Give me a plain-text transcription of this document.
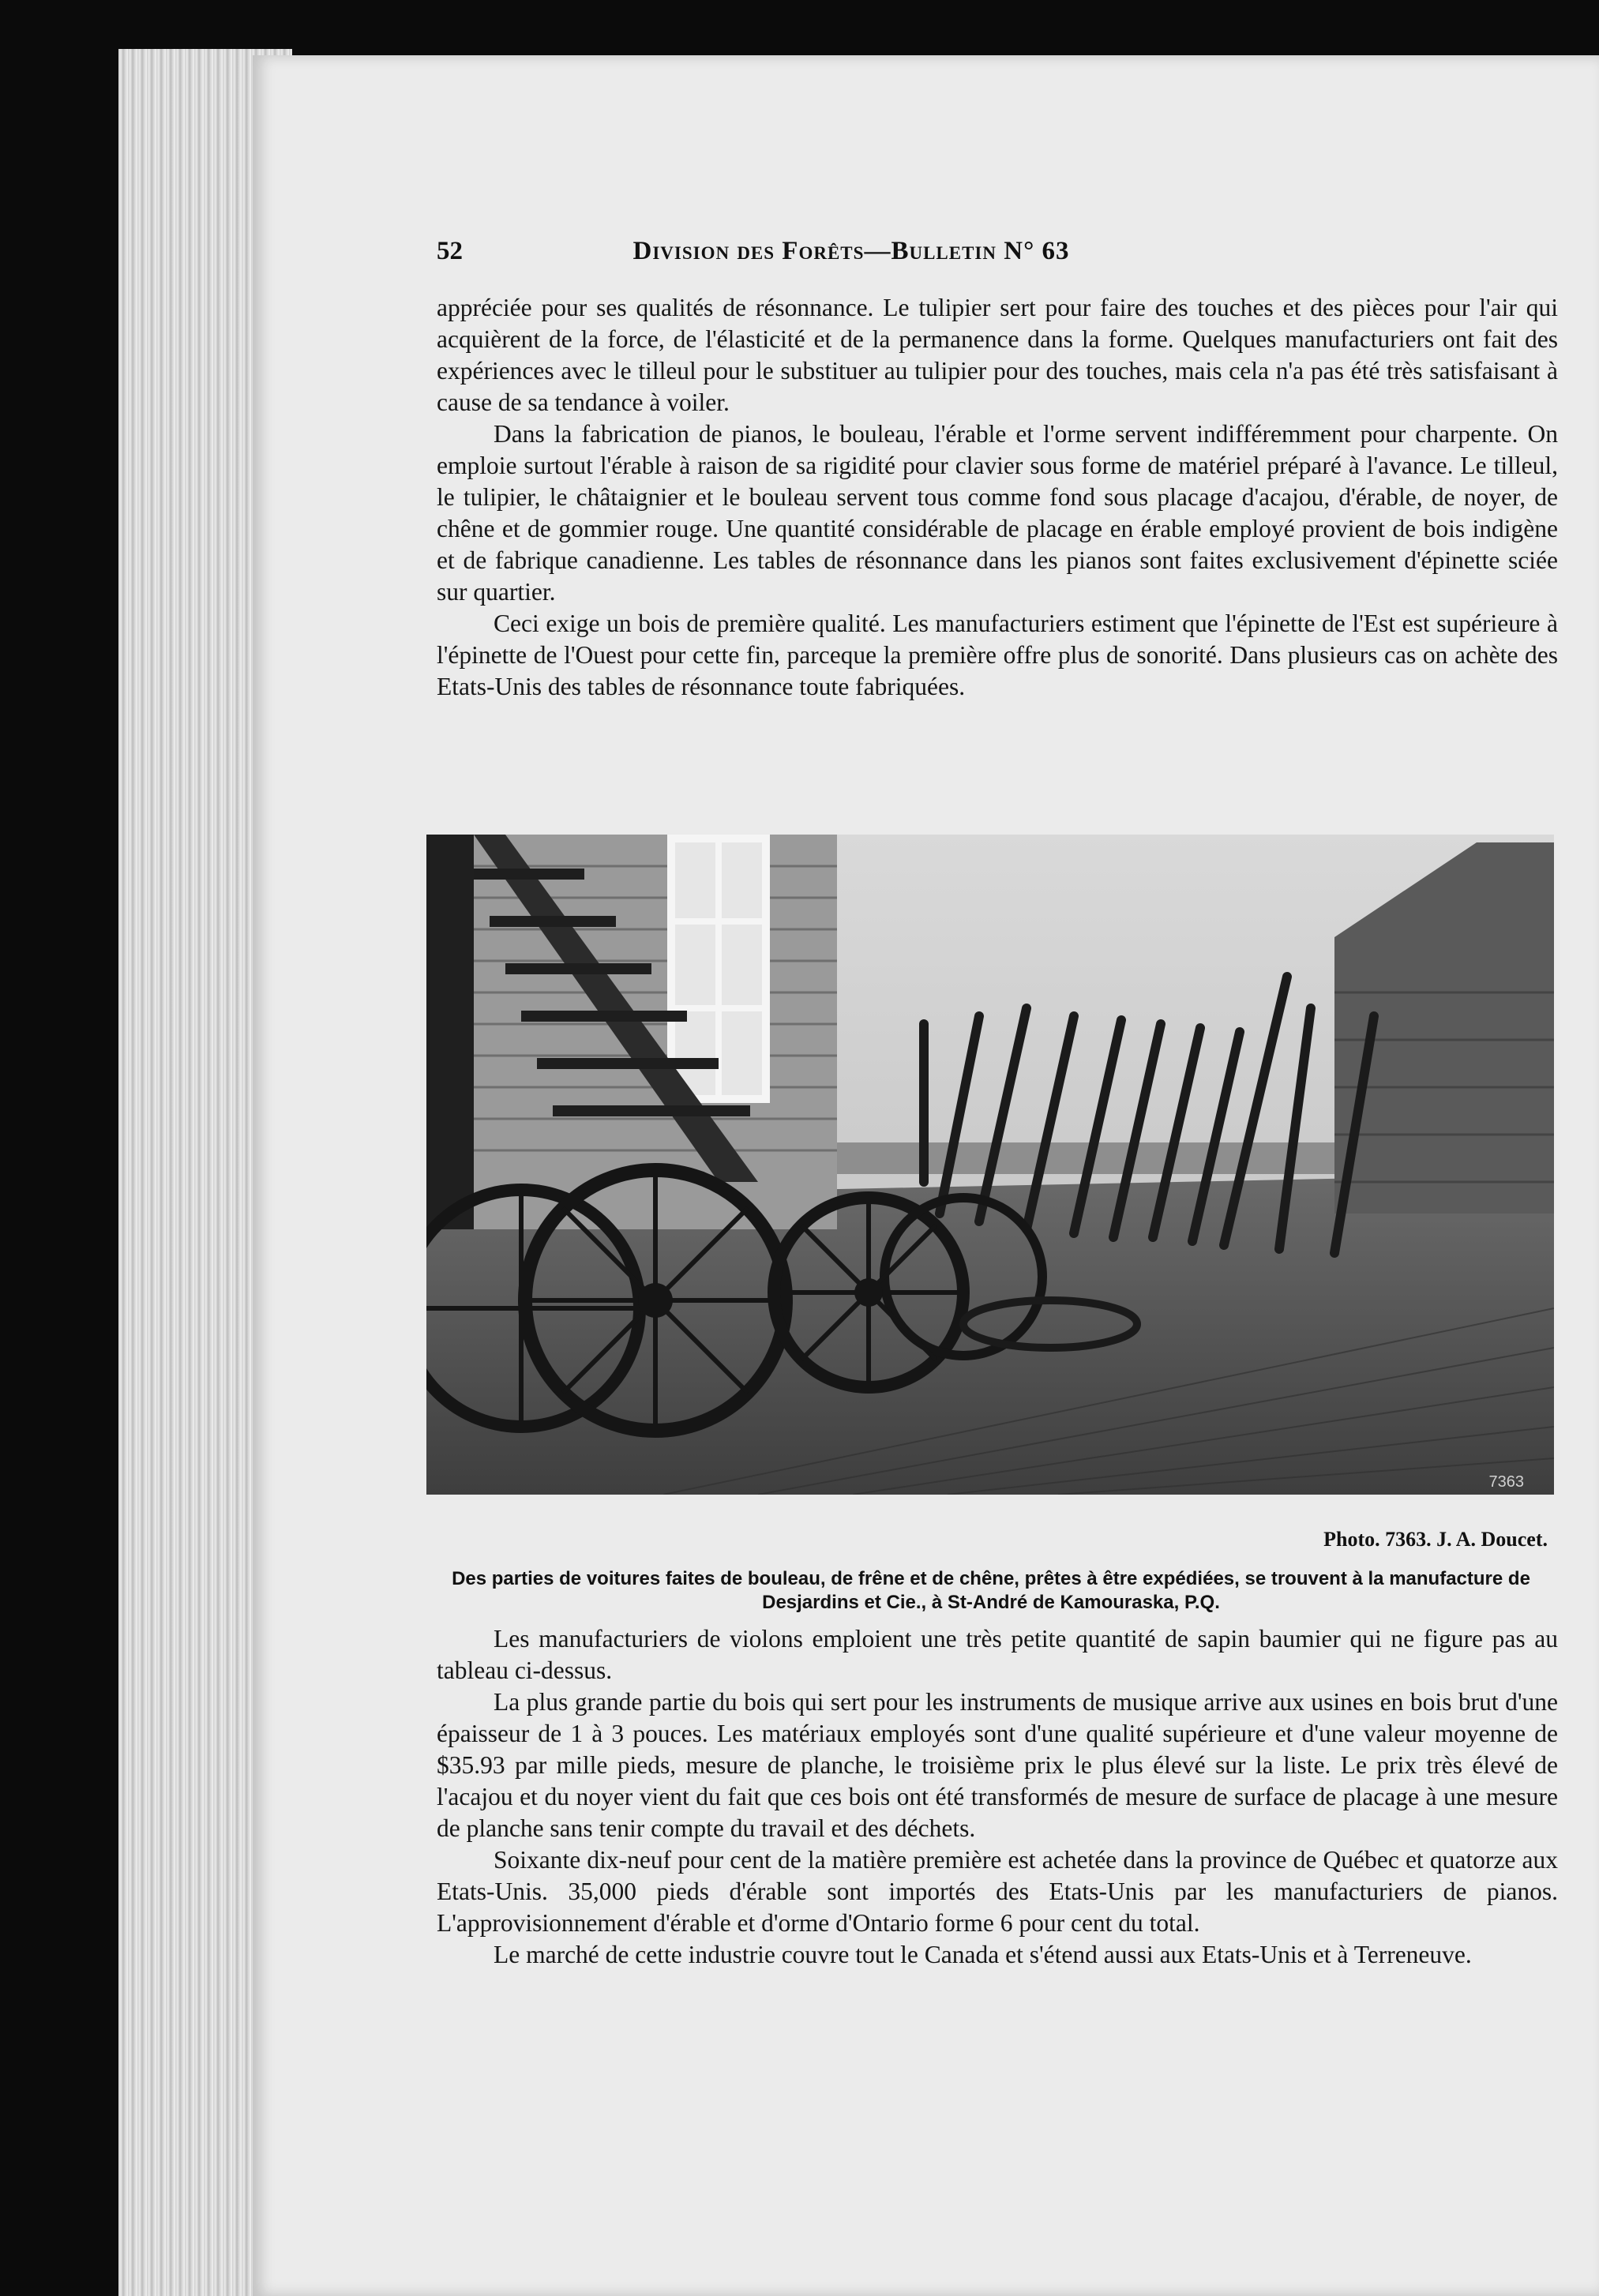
52	Division des Forêts—Bulletin N° 63

appréciée pour ses qualités de résonnance. Le tulipier sert pour faire des touches et des pièces pour l'air qui acquièrent de la force, de l'élasticité et de la permanence dans la forme. Quelques manufacturiers ont fait des expériences avec le tilleul pour le substituer au tulipier pour des touches, mais cela n'a pas été très satisfaisant à cause de sa tendance à voiler.

Dans la fabrication de pianos, le bouleau, l'érable et l'orme servent indifféremment pour charpente. On emploie surtout l'érable à raison de sa rigidité pour clavier sous forme de matériel préparé à l'avance. Le tilleul, le tulipier, le châtaignier et le bouleau servent tous comme fond sous placage d'acajou, d'érable, de noyer, de chêne et de gommier rouge. Une quantité considérable de placage en érable employé provient de bois indigène et de fabrique canadienne. Les tables de résonnance dans les pianos sont faites exclusivement d'épinette sciée sur quartier.

Ceci exige un bois de première qualité. Les manufacturiers estiment que l'épinette de l'Est est supérieure à l'épinette de l'Ouest pour cette fin, parceque la première offre plus de sonorité. Dans plusieurs cas on achète des Etats-Unis des tables de résonnance toute fabriquées.

7363
Photo. 7363. J. A. Doucet.
Des parties de voitures faites de bouleau, de frêne et de chêne, prêtes à être expédiées, se trouvent à la manufacture de Desjardins et Cie., à St-André de Kamouraska, P.Q.

Les manufacturiers de violons emploient une très petite quantité de sapin baumier qui ne figure pas au tableau ci-dessus.

La plus grande partie du bois qui sert pour les instruments de musique arrive aux usines en bois brut d'une épaisseur de 1 à 3 pouces. Les matériaux employés sont d'une qualité supérieure et d'une valeur moyenne de $35.93 par mille pieds, mesure de planche, le troisième prix le plus élevé sur la liste. Le prix très élevé de l'acajou et du noyer vient du fait que ces bois ont été transformés de mesure de surface de placage à une mesure de planche sans tenir compte du travail et des déchets.

Soixante dix-neuf pour cent de la matière première est achetée dans la province de Québec et quatorze aux Etats-Unis. 35,000 pieds d'érable sont importés des Etats-Unis par les manufacturiers de pianos. L'approvisionnement d'érable et d'orme d'Ontario forme 6 pour cent du total.

Le marché de cette industrie couvre tout le Canada et s'étend aussi aux Etats-Unis et à Terreneuve.
